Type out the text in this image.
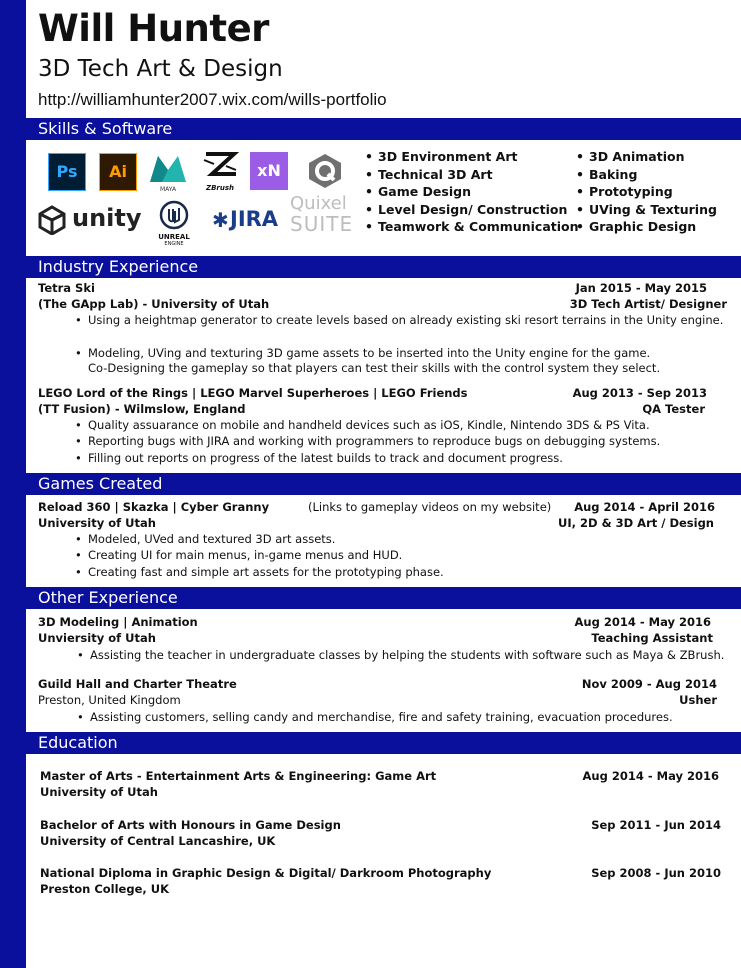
Will Hunter
3D Tech Art & Design
http://williamhunter2007.wix.com/wills-portfolio
Skills & Software
Ps	Ai
MAYA	ZBrush
xN
unity
UNREAL
ENGINE
✱ JIRA
Quixel
SUITE
• 3D Environment Art
• Technical 3D Art
• Game Design
• Level Design/ Construction
• Teamwork & Communication
• 3D Animation
• Baking
• Prototyping
• UVing & Texturing
• Graphic Design
Industry Experience
Tetra Ski	Jan 2015 - May 2015
(The GApp Lab) - University of Utah	3D Tech Artist/ Designer
• Using a heightmap generator to create levels based on already existing ski resort terrains in the Unity engine.
• Modeling, UVing and texturing 3D game assets to be inserted into the Unity engine for the game.
Co-Designing the gameplay so that players can test their skills with the control system they select.
LEGO Lord of the Rings | LEGO Marvel Superheroes | LEGO Friends	Aug 2013 - Sep 2013
(TT Fusion) - Wilmslow, England	QA Tester
• Quality assuarance on mobile and handheld devices such as iOS, Kindle, Nintendo 3DS & PS Vita.
• Reporting bugs with JIRA and working with programmers to reproduce bugs on debugging systems.
• Filling out reports on progress of the latest builds to track and document progress.
Games Created
Reload 360 | Skazka | Cyber Granny	(Links to gameplay videos on my website) Aug 2014 - April 2016
University of Utah	UI, 2D & 3D Art / Design
• Modeled, UVed and textured 3D art assets.
• Creating UI for main menus, in-game menus and HUD.
• Creating fast and simple art assets for the prototyping phase.
Other Experience
3D Modeling | Animation	Aug 2014 - May 2016
Unviersity of Utah	Teaching Assistant
• Assisting the teacher in undergraduate classes by helping the students with software such as Maya & ZBrush.
Guild Hall and Charter Theatre	Nov 2009 - Aug 2014
Preston, United Kingdom	Usher
• Assisting customers, selling candy and merchandise, fire and safety training, evacuation procedures.
Education
Master of Arts - Entertainment Arts & Engineering: Game Art	Aug 2014 - May 2016
University of Utah
Bachelor of Arts with Honours in Game Design	Sep 2011 - Jun 2014
University of Central Lancashire, UK
National Diploma in Graphic Design & Digital/ Darkroom Photography	Sep 2008 - Jun 2010
Preston College, UK
